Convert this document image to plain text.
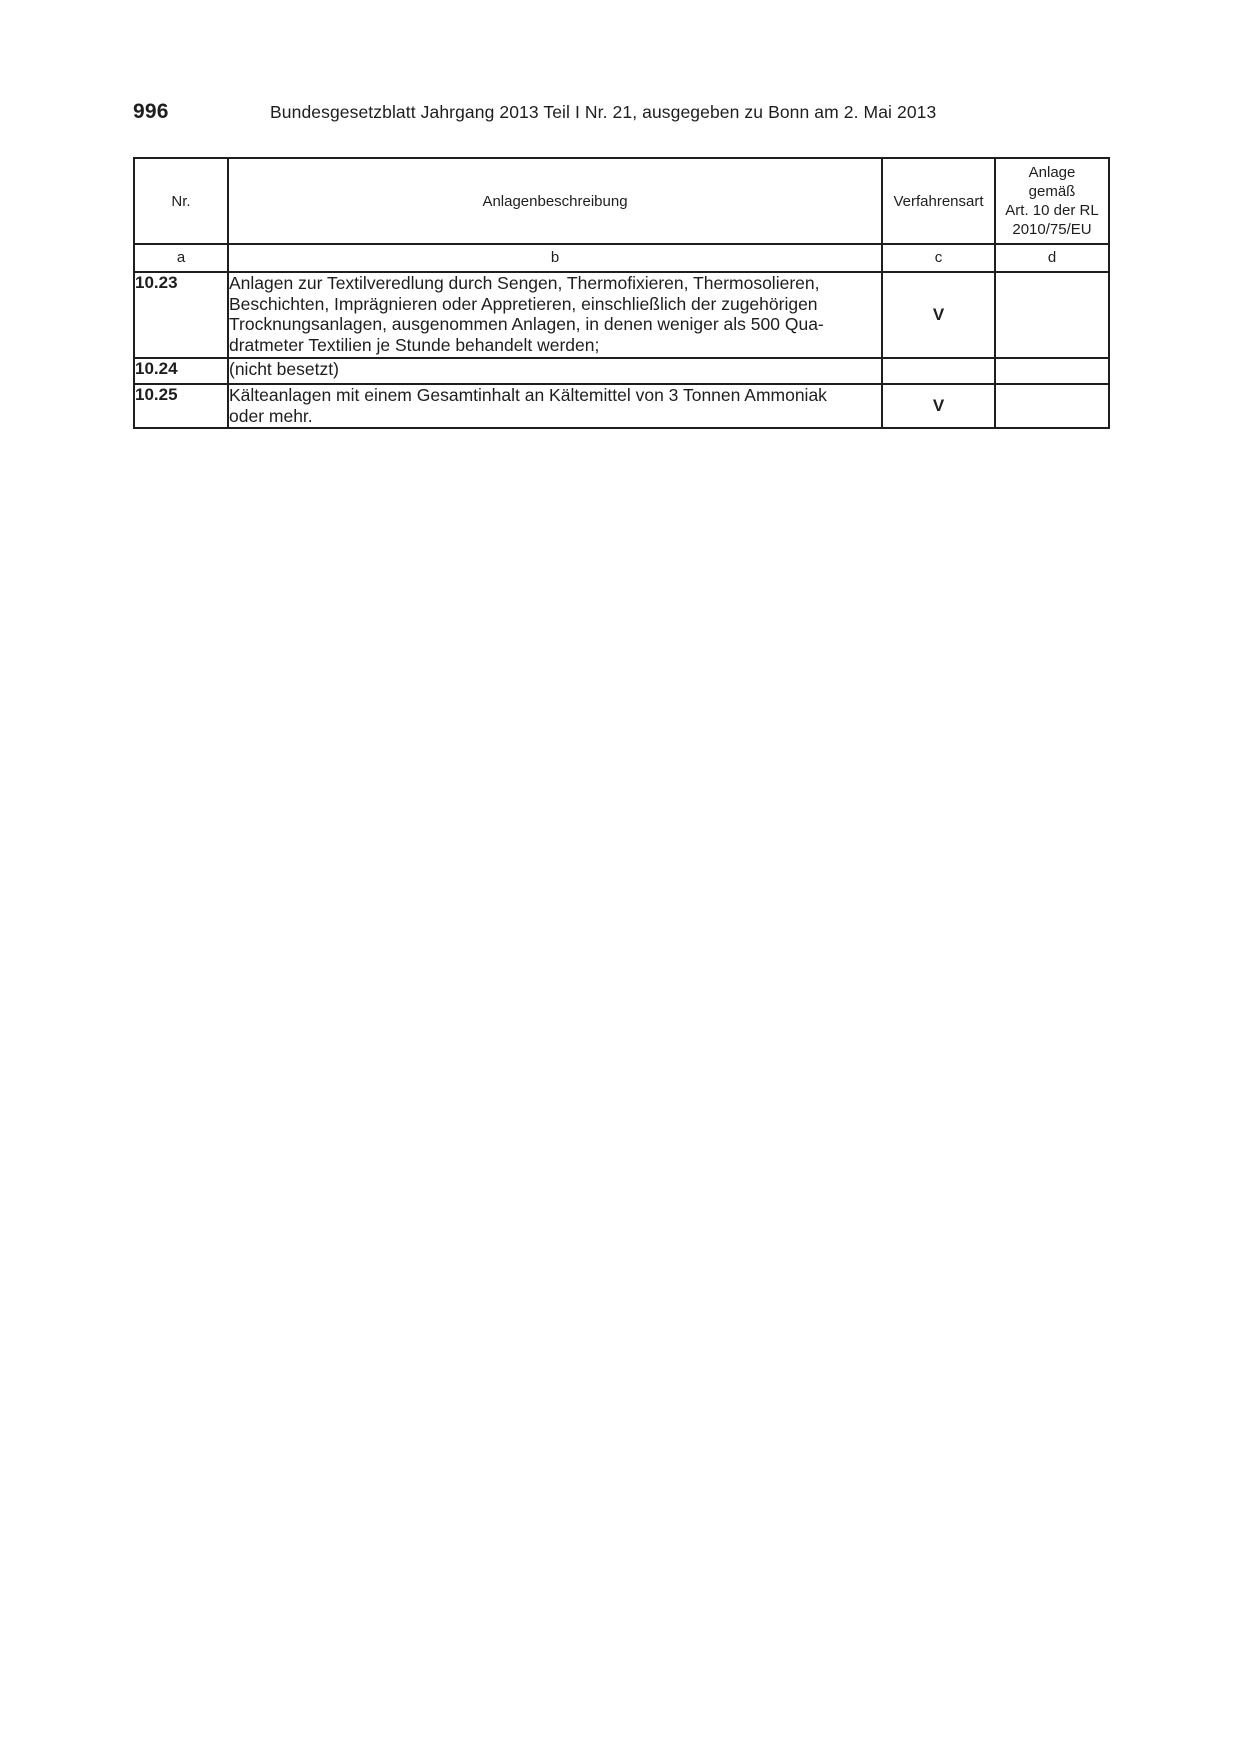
996	Bundesgesetzblatt Jahrgang 2013 Teil I Nr. 21, ausgegeben zu Bonn am 2. Mai 2013
Nr.	Anlagenbeschreibung	Verfahrensart	Anlage
gemäß
Art. 10 der RL
2010/75/EU

a	b	c	d
10.23	Anlagen zur Textilveredlung durch Sengen, Thermofixieren, Thermosolieren,
Beschichten, Imprägnieren oder Appretieren, einschließlich der zugehörigen
Trocknungsanlagen, ausgenommen Anlagen, in denen weniger als 500 Qua-
dratmeter Textilien je Stunde behandelt werden;	V	
10.24	(nicht besetzt)		

10.25	Kälteanlagen mit einem Gesamtinhalt an Kältemittel von 3 Tonnen Ammoniak
oder mehr.	V	
